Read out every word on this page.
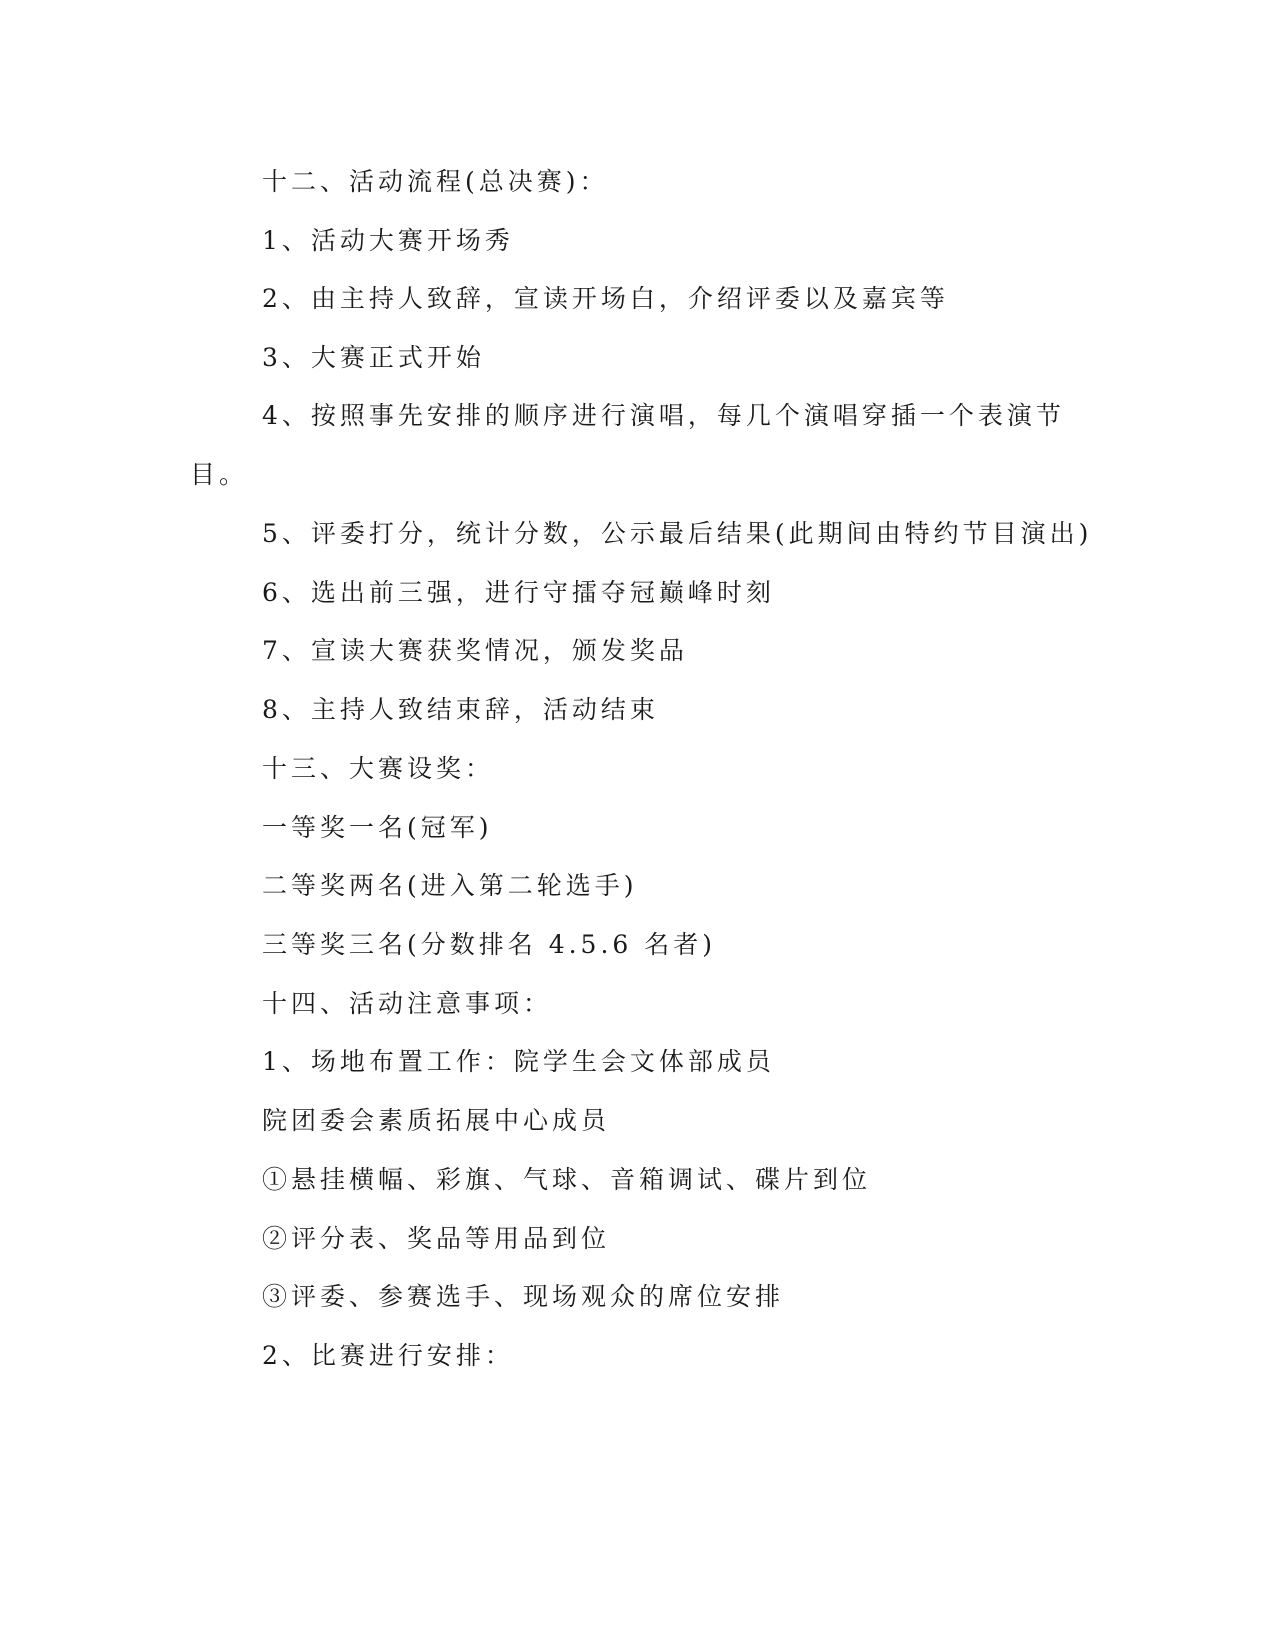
十二、活动流程(总决赛)：
1、活动大赛开场秀
2、由主持人致辞，宣读开场白，介绍评委以及嘉宾等
3、大赛正式开始
4、按照事先安排的顺序进行演唱，每几个演唱穿插一个表演节
目。
5、评委打分，统计分数，公示最后结果(此期间由特约节目演出)
6、选出前三强，进行守擂夺冠巅峰时刻
7、宣读大赛获奖情况，颁发奖品
8、主持人致结束辞，活动结束
十三、大赛设奖：
一等奖一名(冠军)
二等奖两名(进入第二轮选手)
三等奖三名(分数排名 4.5.6 名者)
十四、活动注意事项：
1、场地布置工作：院学生会文体部成员
院团委会素质拓展中心成员
①悬挂横幅、彩旗、气球、音箱调试、碟片到位
②评分表、奖品等用品到位
③评委、参赛选手、现场观众的席位安排
2、比赛进行安排：
